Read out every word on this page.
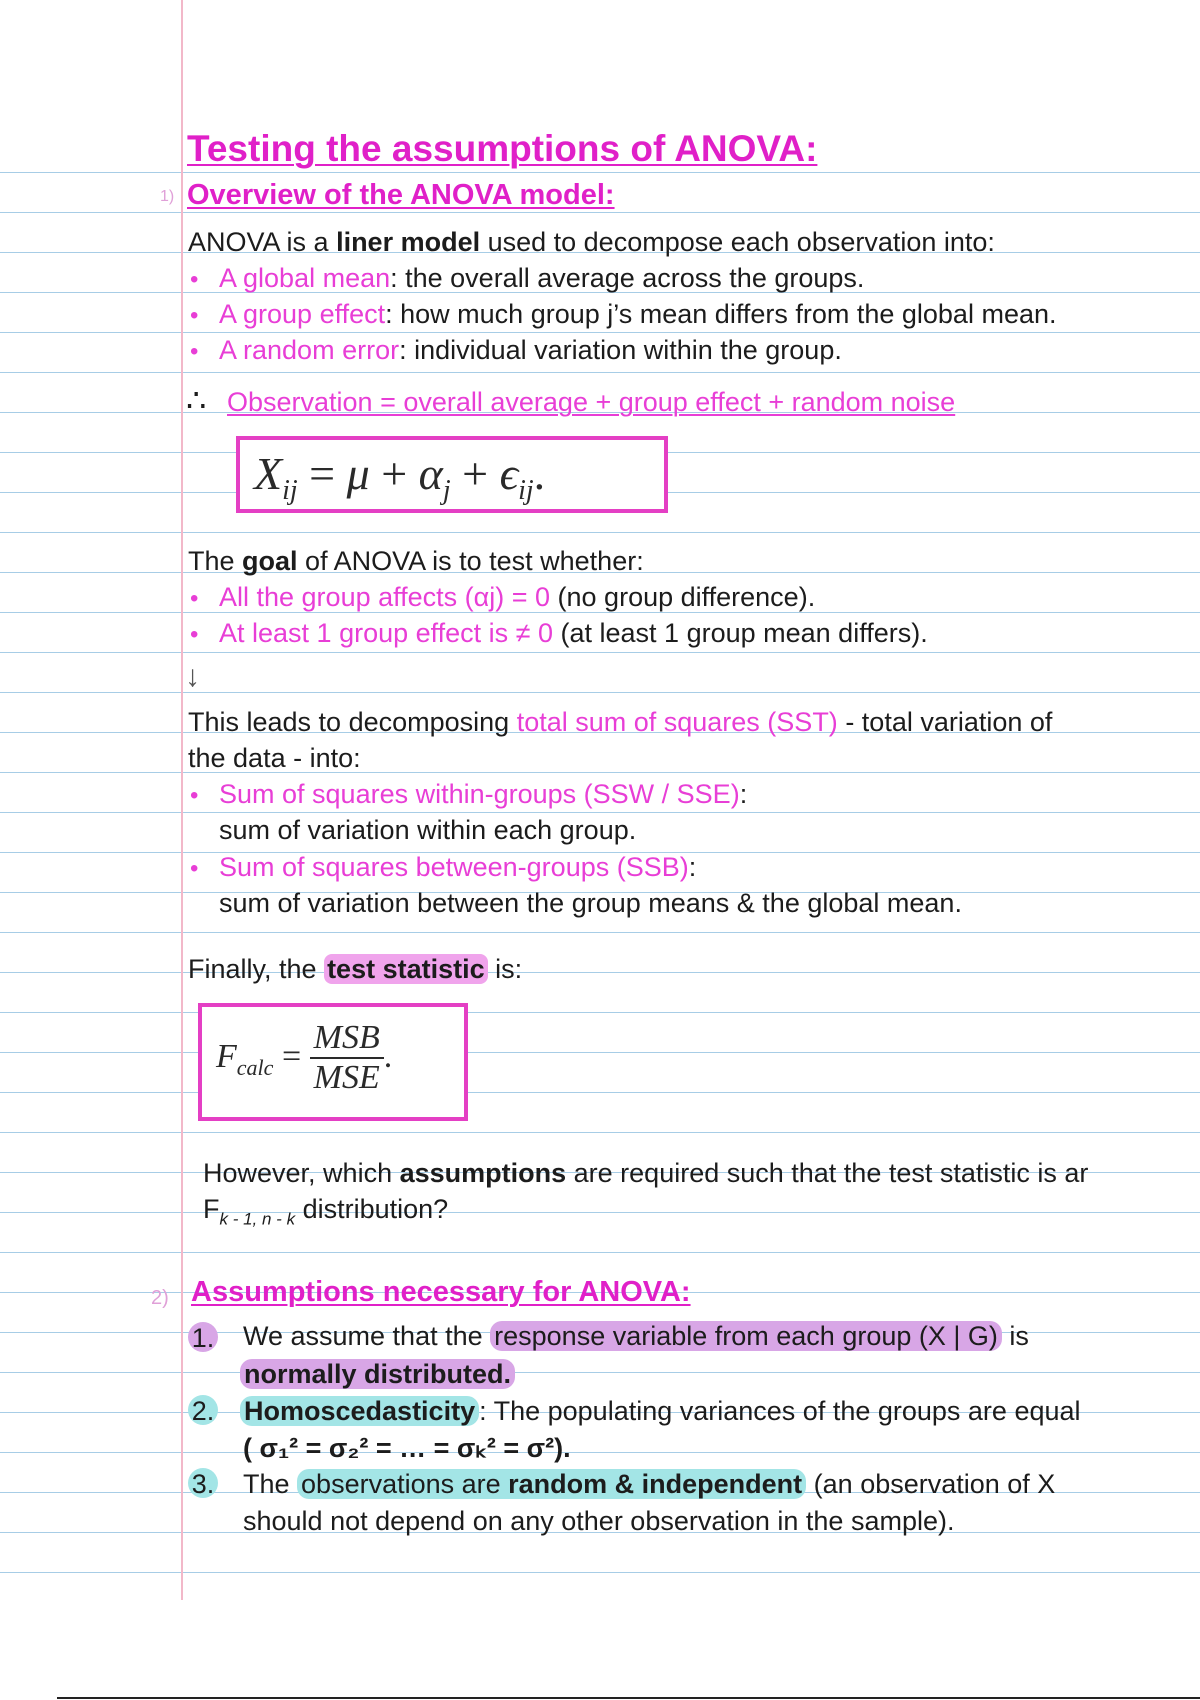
Testing the assumptions of ANOVA:
1) Overview of the ANOVA model:
ANOVA is a liner model used to decompose each observation into:
• A global mean: the overall average across the groups.
• A group effect: how much group j’s mean differs from the global mean.
• A random error: individual variation within the group.
∴ Observation = overall average + group effect + random noise
$X_{ij} = \mu + \alpha_j + \epsilon_{ij}$.
The goal of ANOVA is to test whether:
• All the group affects (αj) = 0 (no group difference).
• At least 1 group effect is ≠ 0 (at least 1 group mean differs).
↓
This leads to decomposing total sum of squares (SST) - total variation of
the data - into:
• Sum of squares within-groups (SSW / SSE):
sum of variation within each group.
• Sum of squares between-groups (SSB):
sum of variation between the group means & the global mean.
Finally, the test statistic is:
$F_{calc} = \frac{\text{MSB}}{\text{MSE}}$ .
However, which assumptions are required such that the test statistic is ar
$F_{k - 1, n - k}$ distribution?
2) Assumptions necessary for ANOVA:
1. We assume that the response variable from each group (X | G) is
normally distributed.
2. Homoscedasticity : The populating variances of the groups are equal
( σ₁² = σ₂² = … = σₖ² = σ²).
3. The observations are random & independent (an observation of X
should not depend on any other observation in the sample).
